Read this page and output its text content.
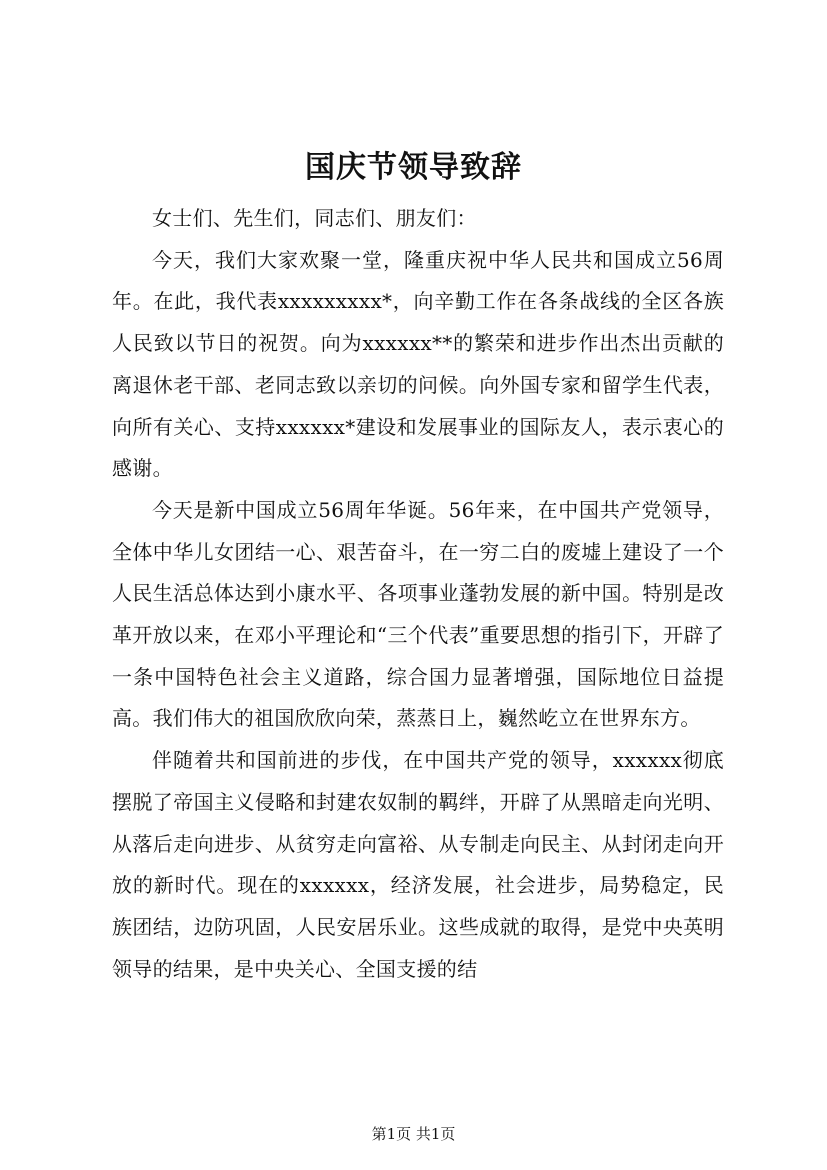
国庆节领导致辞

女士们、先生们，同志们、朋友们：

今天，我们大家欢聚一堂，隆重庆祝中华人民共和国成立56周年。在此，我代表xxxxxxxxx*，向辛勤工作在各条战线的全区各族人民致以节日的祝贺。向为xxxxxx**的繁荣和进步作出杰出贡献的离退休老干部、老同志致以亲切的问候。向外国专家和留学生代表，向所有关心、支持xxxxxx*建设和发展事业的国际友人，表示衷心的感谢。

今天是新中国成立56周年华诞。56年来，在中国共产党领导，全体中华儿女团结一心、艰苦奋斗，在一穷二白的废墟上建设了一个人民生活总体达到小康水平、各项事业蓬勃发展的新中国。特别是改革开放以来，在邓小平理论和“三个代表”重要思想的指引下，开辟了一条中国特色社会主义道路，综合国力显著增强，国际地位日益提高。我们伟大的祖国欣欣向荣，蒸蒸日上，巍然屹立在世界东方。

伴随着共和国前进的步伐，在中国共产党的领导，xxxxxx彻底摆脱了帝国主义侵略和封建农奴制的羁绊，开辟了从黑暗走向光明、从落后走向进步、从贫穷走向富裕、从专制走向民主、从封闭走向开放的新时代。现在的xxxxxx，经济发展，社会进步，局势稳定，民族团结，边防巩固，人民安居乐业。这些成就的取得，是党中央英明领导的结果，是中央关心、全国支援的结

第1页 共1页
